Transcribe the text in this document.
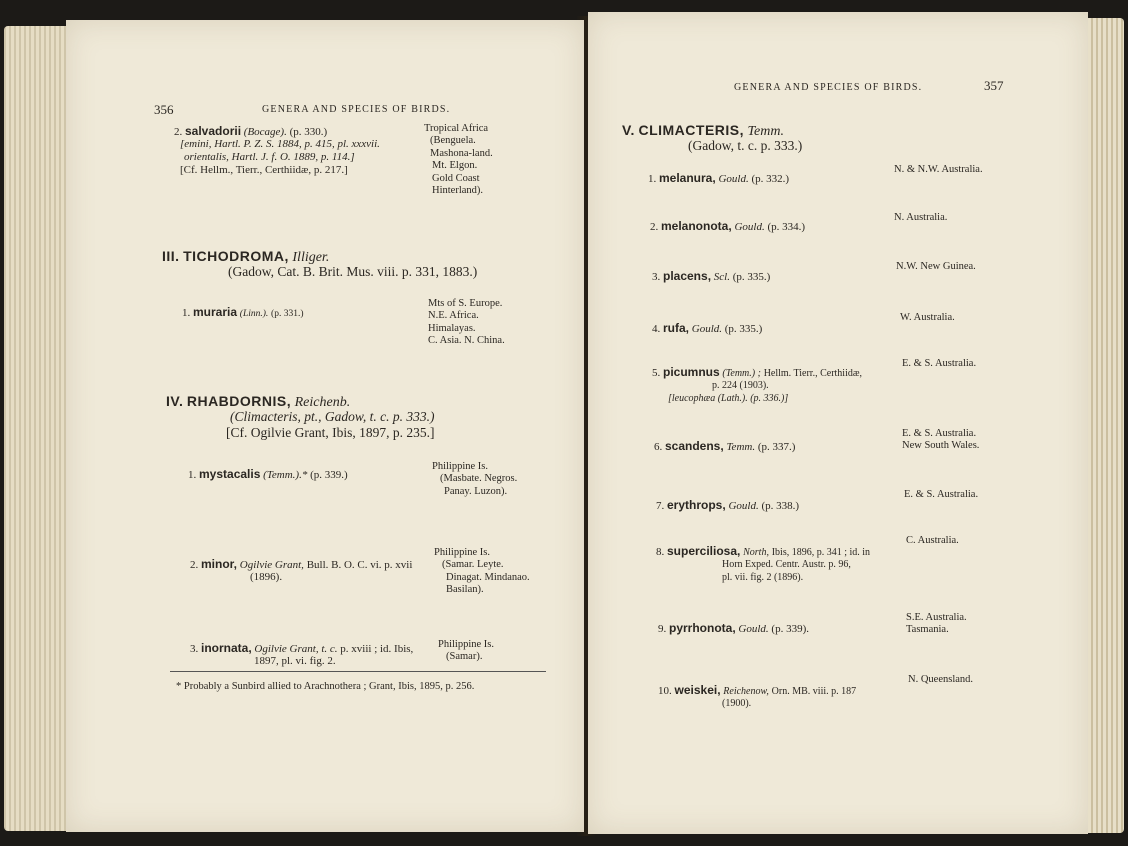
356	GENERA AND SPECIES OF BIRDS.
2. salvadorii (Bocage). (p. 330.)
[emini, Hartl. P. Z. S. 1884, p. 415, pl. xxxvii.
orientalis, Hartl. J. f. O. 1889, p. 114.]
[Cf. Hellm., Tierr., Certhiidæ, p. 217.]
Tropical Africa
(Benguela.
Mashona-land.
Mt. Elgon.
Gold Coast
Hinterland).
III. TICHODROMA, Illiger.
(Gadow, Cat. B. Brit. Mus. viii. p. 331, 1883.)
1. muraria (Linn.). (p. 331.)
Mts of S. Europe.
N.E. Africa.
Himalayas.
C. Asia. N. China.
IV. RHABDORNIS, Reichenb.
(Climacteris, pt., Gadow, t. c. p. 333.)
[Cf. Ogilvie Grant, Ibis, 1897, p. 235.]
1. mystacalis (Temm.).* (p. 339.)
Philippine Is.
(Masbate. Negros.
Panay. Luzon).
2. minor, Ogilvie Grant, Bull. B. O. C. vi. p. xvii
(1896).
Philippine Is.
(Samar. Leyte.
Dinagat. Mindanao.
Basilan).
3. inornata, Ogilvie Grant, t. c. p. xviii ; id. Ibis,
1897, pl. vi. fig. 2.
Philippine Is.
(Samar).
* Probably a Sunbird allied to Arachnothera ; Grant, Ibis, 1895, p. 256.
GENERA AND SPECIES OF BIRDS.	357
V. CLIMACTERIS, Temm.
(Gadow, t. c. p. 333.)
1. melanura, Gould. (p. 332.)
N. & N.W. Australia.
2. melanonota, Gould. (p. 334.)
N. Australia.
3. placens, Scl. (p. 335.)
N.W. New Guinea.
4. rufa, Gould. (p. 335.)
W. Australia.
5. picumnus (Temm.) ; Hellm. Tierr., Certhiidæ,
p. 224 (1903).
[leucophæa (Lath.). (p. 336.)]
E. & S. Australia.
6. scandens, Temm. (p. 337.)
E. & S. Australia.
New South Wales.
7. erythrops, Gould. (p. 338.)
E. & S. Australia.
8. superciliosa, North, Ibis, 1896, p. 341 ; id. in
Horn Exped. Centr. Austr. p. 96,
pl. vii. fig. 2 (1896).
C. Australia.
9. pyrrhonota, Gould. (p. 339).
S.E. Australia.
Tasmania.
10. weiskei, Reichenow, Orn. MB. viii. p. 187
(1900).
N. Queensland.
